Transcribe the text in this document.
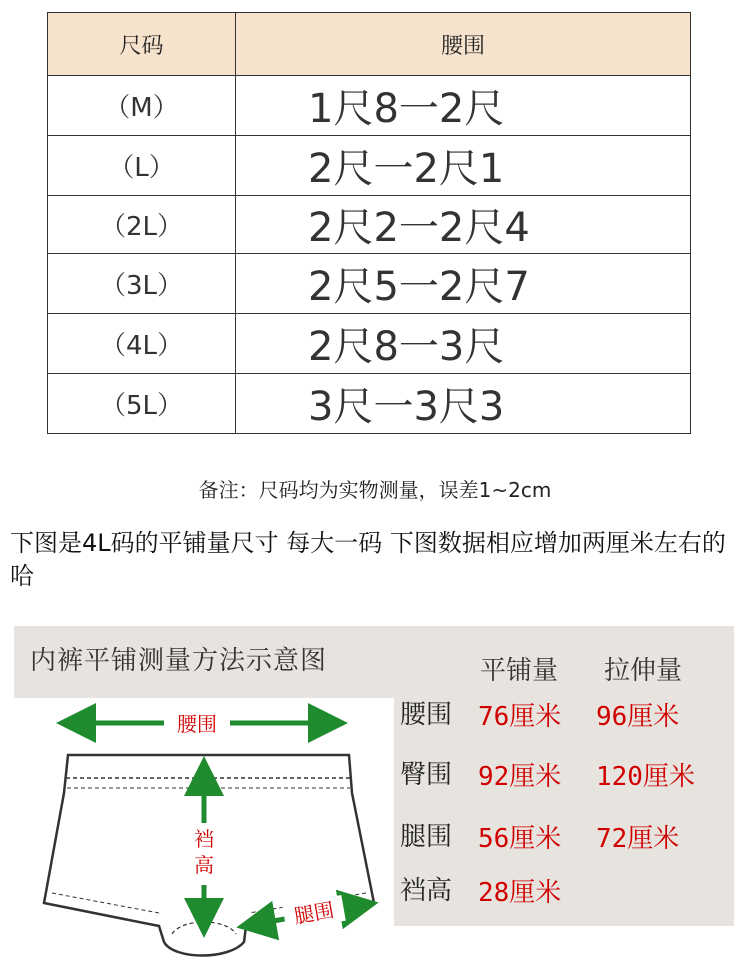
尺码	腰围
（M）	1尺8一2尺
（L）	2尺一2尺1
（2L）	2尺2一2尺4
（3L）	2尺5一2尺7
（4L）	2尺8一3尺
（5L）	3尺一3尺3
备注：尺码均为实物测量，误差1~2cm
下图是4L码的平铺量尺寸 每大一码 下图数据相应增加两厘米左右的哈
内裤平铺测量方法示意图	平铺量 拉伸量
腰围 76厘米 96厘米
臀围 92厘米 120厘米
腿围 56厘米 72厘米
裆高 28厘米
腰围
裆
高
腿围
